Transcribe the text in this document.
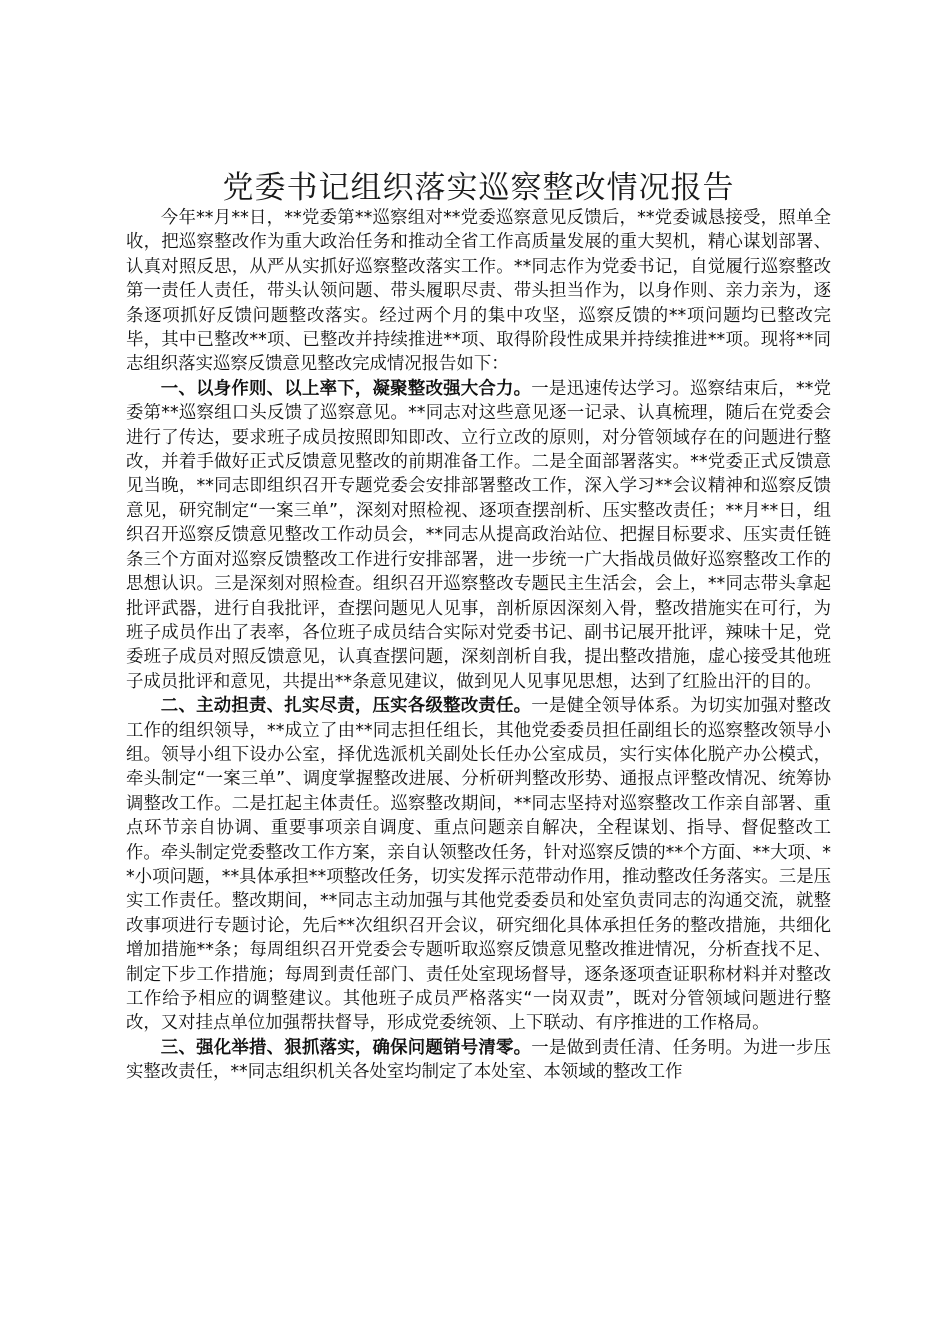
党委书记组织落实巡察整改情况报告

今年**月**日，**党委第**巡察组对**党委巡察意见反馈后，**党委诚恳接受，照单全收，把巡察整改作为重大政治任务和推动全省工作高质量发展的重大契机，精心谋划部署、认真对照反思，从严从实抓好巡察整改落实工作。**同志作为党委书记，自觉履行巡察整改第一责任人责任，带头认领问题、带头履职尽责、带头担当作为，以身作则、亲力亲为，逐条逐项抓好反馈问题整改落实。经过两个月的集中攻坚，巡察反馈的**项问题均已整改完毕，其中已整改**项、已整改并持续推进**项、取得阶段性成果并持续推进**项。现将**同志组织落实巡察反馈意见整改完成情况报告如下：

一、以身作则、以上率下，凝聚整改强大合力。一是迅速传达学习。巡察结束后，**党委第**巡察组口头反馈了巡察意见。**同志对这些意见逐一记录、认真梳理，随后在党委会进行了传达，要求班子成员按照即知即改、立行立改的原则，对分管领域存在的问题进行整改，并着手做好正式反馈意见整改的前期准备工作。二是全面部署落实。**党委正式反馈意见当晚，**同志即组织召开专题党委会安排部署整改工作，深入学习**会议精神和巡察反馈意见，研究制定“一案三单”，深刻对照检视、逐项查摆剖析、压实整改责任；**月**日，组织召开巡察反馈意见整改工作动员会，**同志从提高政治站位、把握目标要求、压实责任链条三个方面对巡察反馈整改工作进行安排部署，进一步统一广大指战员做好巡察整改工作的思想认识。三是深刻对照检查。组织召开巡察整改专题民主生活会，会上，**同志带头拿起批评武器，进行自我批评，查摆问题见人见事，剖析原因深刻入骨，整改措施实在可行，为班子成员作出了表率，各位班子成员结合实际对党委书记、副书记展开批评，辣味十足，党委班子成员对照反馈意见，认真查摆问题，深刻剖析自我，提出整改措施，虚心接受其他班子成员批评和意见，共提出**条意见建议，做到见人见事见思想，达到了红脸出汗的目的。

二、主动担责、扎实尽责，压实各级整改责任。一是健全领导体系。为切实加强对整改工作的组织领导，**成立了由**同志担任组长，其他党委委员担任副组长的巡察整改领导小组。领导小组下设办公室，择优选派机关副处长任办公室成员，实行实体化脱产办公模式，牵头制定“一案三单”、调度掌握整改进展、分析研判整改形势、通报点评整改情况、统筹协调整改工作。二是扛起主体责任。巡察整改期间，**同志坚持对巡察整改工作亲自部署、重点环节亲自协调、重要事项亲自调度、重点问题亲自解决，全程谋划、指导、督促整改工作。牵头制定党委整改工作方案，亲自认领整改任务，针对巡察反馈的**个方面、**大项、**小项问题，**具体承担**项整改任务，切实发挥示范带动作用，推动整改任务落实。三是压实工作责任。整改期间，**同志主动加强与其他党委委员和处室负责同志的沟通交流，就整改事项进行专题讨论，先后**次组织召开会议，研究细化具体承担任务的整改措施，共细化增加措施**条；每周组织召开党委会专题听取巡察反馈意见整改推进情况，分析查找不足、制定下步工作措施；每周到责任部门、责任处室现场督导，逐条逐项查证职称材料并对整改工作给予相应的调整建议。其他班子成员严格落实“一岗双责”，既对分管领域问题进行整改，又对挂点单位加强帮扶督导，形成党委统领、上下联动、有序推进的工作格局。

三、强化举措、狠抓落实，确保问题销号清零。一是做到责任清、任务明。为进一步压实整改责任，**同志组织机关各处室均制定了本处室、本领域的整改工作
